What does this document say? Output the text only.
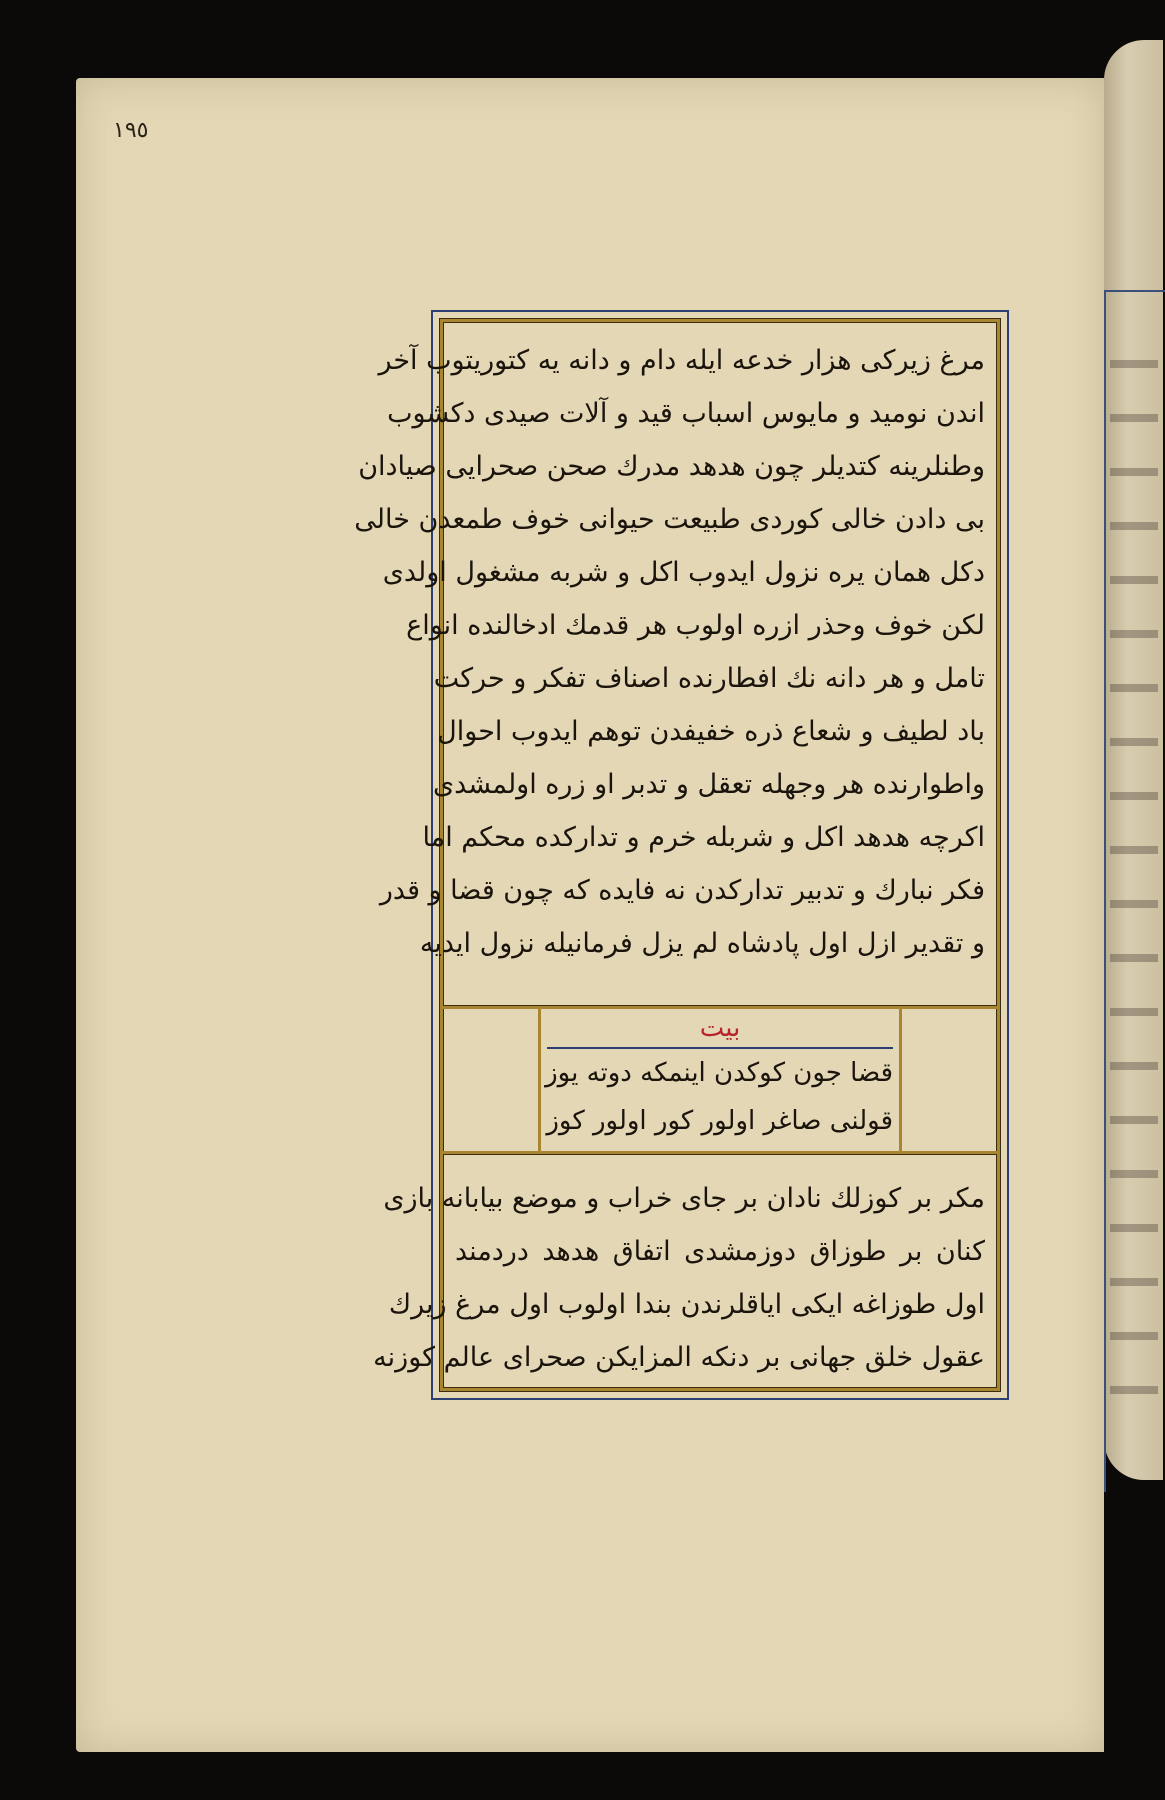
١٩٥
مرغ زیرکی هزار خدعه ایله دام و دانه یه کتوریتوب آخر
اندن نومید و مایوس اسباب قید و آلات صیدی دکشوب
وطنلرینه کتدیلر چون هدهد مدرك صحن صحرایی صیادان
بی دادن خالی کوردی طبیعت حیوانی خوف طمعدن خالی
دکل همان یره نزول ایدوب اکل و شربه مشغول اولدی
لکن خوف وحذر ازره اولوب هر قدمك ادخالنده انواع
تامل و هر دانه نك افطارنده اصناف تفکر و حرکت
باد لطیف و شعاع ذره خفیفدن توهم ایدوب احوال
واطوارنده هر وجهله تعقل و تدبر او زره اولمشدی
اکرچه هدهد اکل و شربله خرم و تدارکده محکم اما
فکر نبارك و تدبیر تدارکدن نه فایده که چون قضا و قدر
و تقدیر ازل اول پادشاه لم یزل فرمانیله نزول ایدیه
بیت
قضا جون کوکدن اینمکه دوته یوز
قولنی صاغر اولور کور اولور کوز
مکر بر کوزلك نادان بر جای خراب و موضع بیابانه بازی
کنان بر طوزاق دوزمشدی اتفاق هدهد دردمند
اول طوزاغه ایکی ایاقلرندن بندا اولوب اول مرغ زیرك
عقول خلق جهانی بر دنکه المزایکن صحرای عالم کوزنه
